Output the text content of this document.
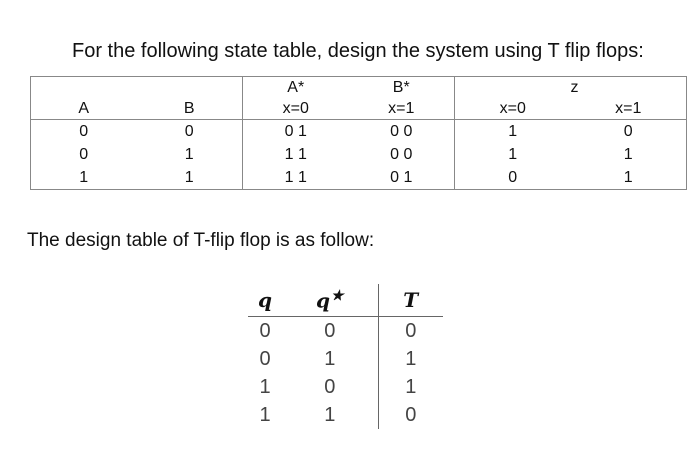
For the following state table, design the system using T flip flops:
		A*	B*		z
A	B	x=0	x=1	x=0	x=1
0	0	0 1	0 0	1	0
0	1	1 1	0 0	1	1
1	1	1 1	0 1	0	1
The design table of T-flip flop is as follow:
q	q★	T
0	0	0
0	1	1
1	0	1
1	1	0
